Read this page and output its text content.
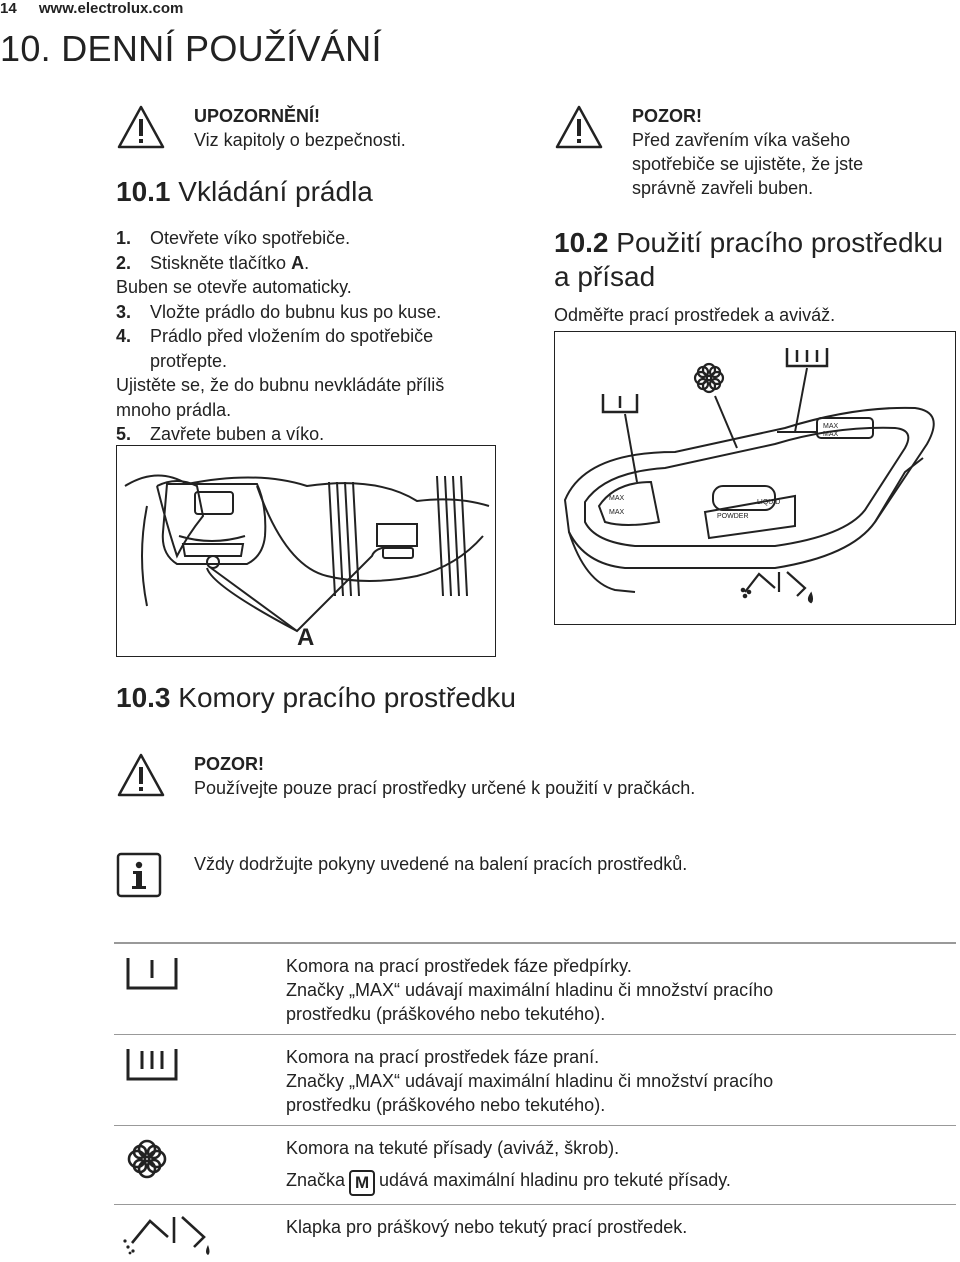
14 www.electrolux.com
10. DENNÍ POUŽÍVÁNÍ
UPOZORNĚNÍ!
Viz kapitoly o bezpečnosti.
10.1 Vkládání prádla
1. Otevřete víko spotřebiče.
2. Stiskněte tlačítko A.
Buben se otevře automaticky.
3. Vložte prádlo do bubnu kus po kuse.
4. Prádlo před vložením do spotřebiče
protřepte.
Ujistěte se, že do bubnu nevkládáte příliš
mnoho prádla.
5. Zavřete buben a víko.
A
POZOR!
Před zavřením víka vašeho
spotřebiče se ujistěte, že jste
správně zavřeli buben.
10.2 Použití pracího prostředku
a přísad
Odměřte prací prostředek a aviváž.
MAX
MAX
MAX
MAX
POWDER
LIQUID
10.3 Komory pracího prostředku
POZOR!
Používejte pouze prací prostředky určené k použití v pračkách.
Vždy dodržujte pokyny uvedené na balení pracích prostředků.
Komora na prací prostředek fáze předpírky.
Značky „MAX“ udávají maximální hladinu či množství pracího
prostředku (práškového nebo tekutého).
Komora na prací prostředek fáze praní.
Značky „MAX“ udávají maximální hladinu či množství pracího
prostředku (práškového nebo tekutého).
Komora na tekuté přísady (aviváž, škrob).
Značka M udává maximální hladinu pro tekuté přísady.
Klapka pro práškový nebo tekutý prací prostředek.
